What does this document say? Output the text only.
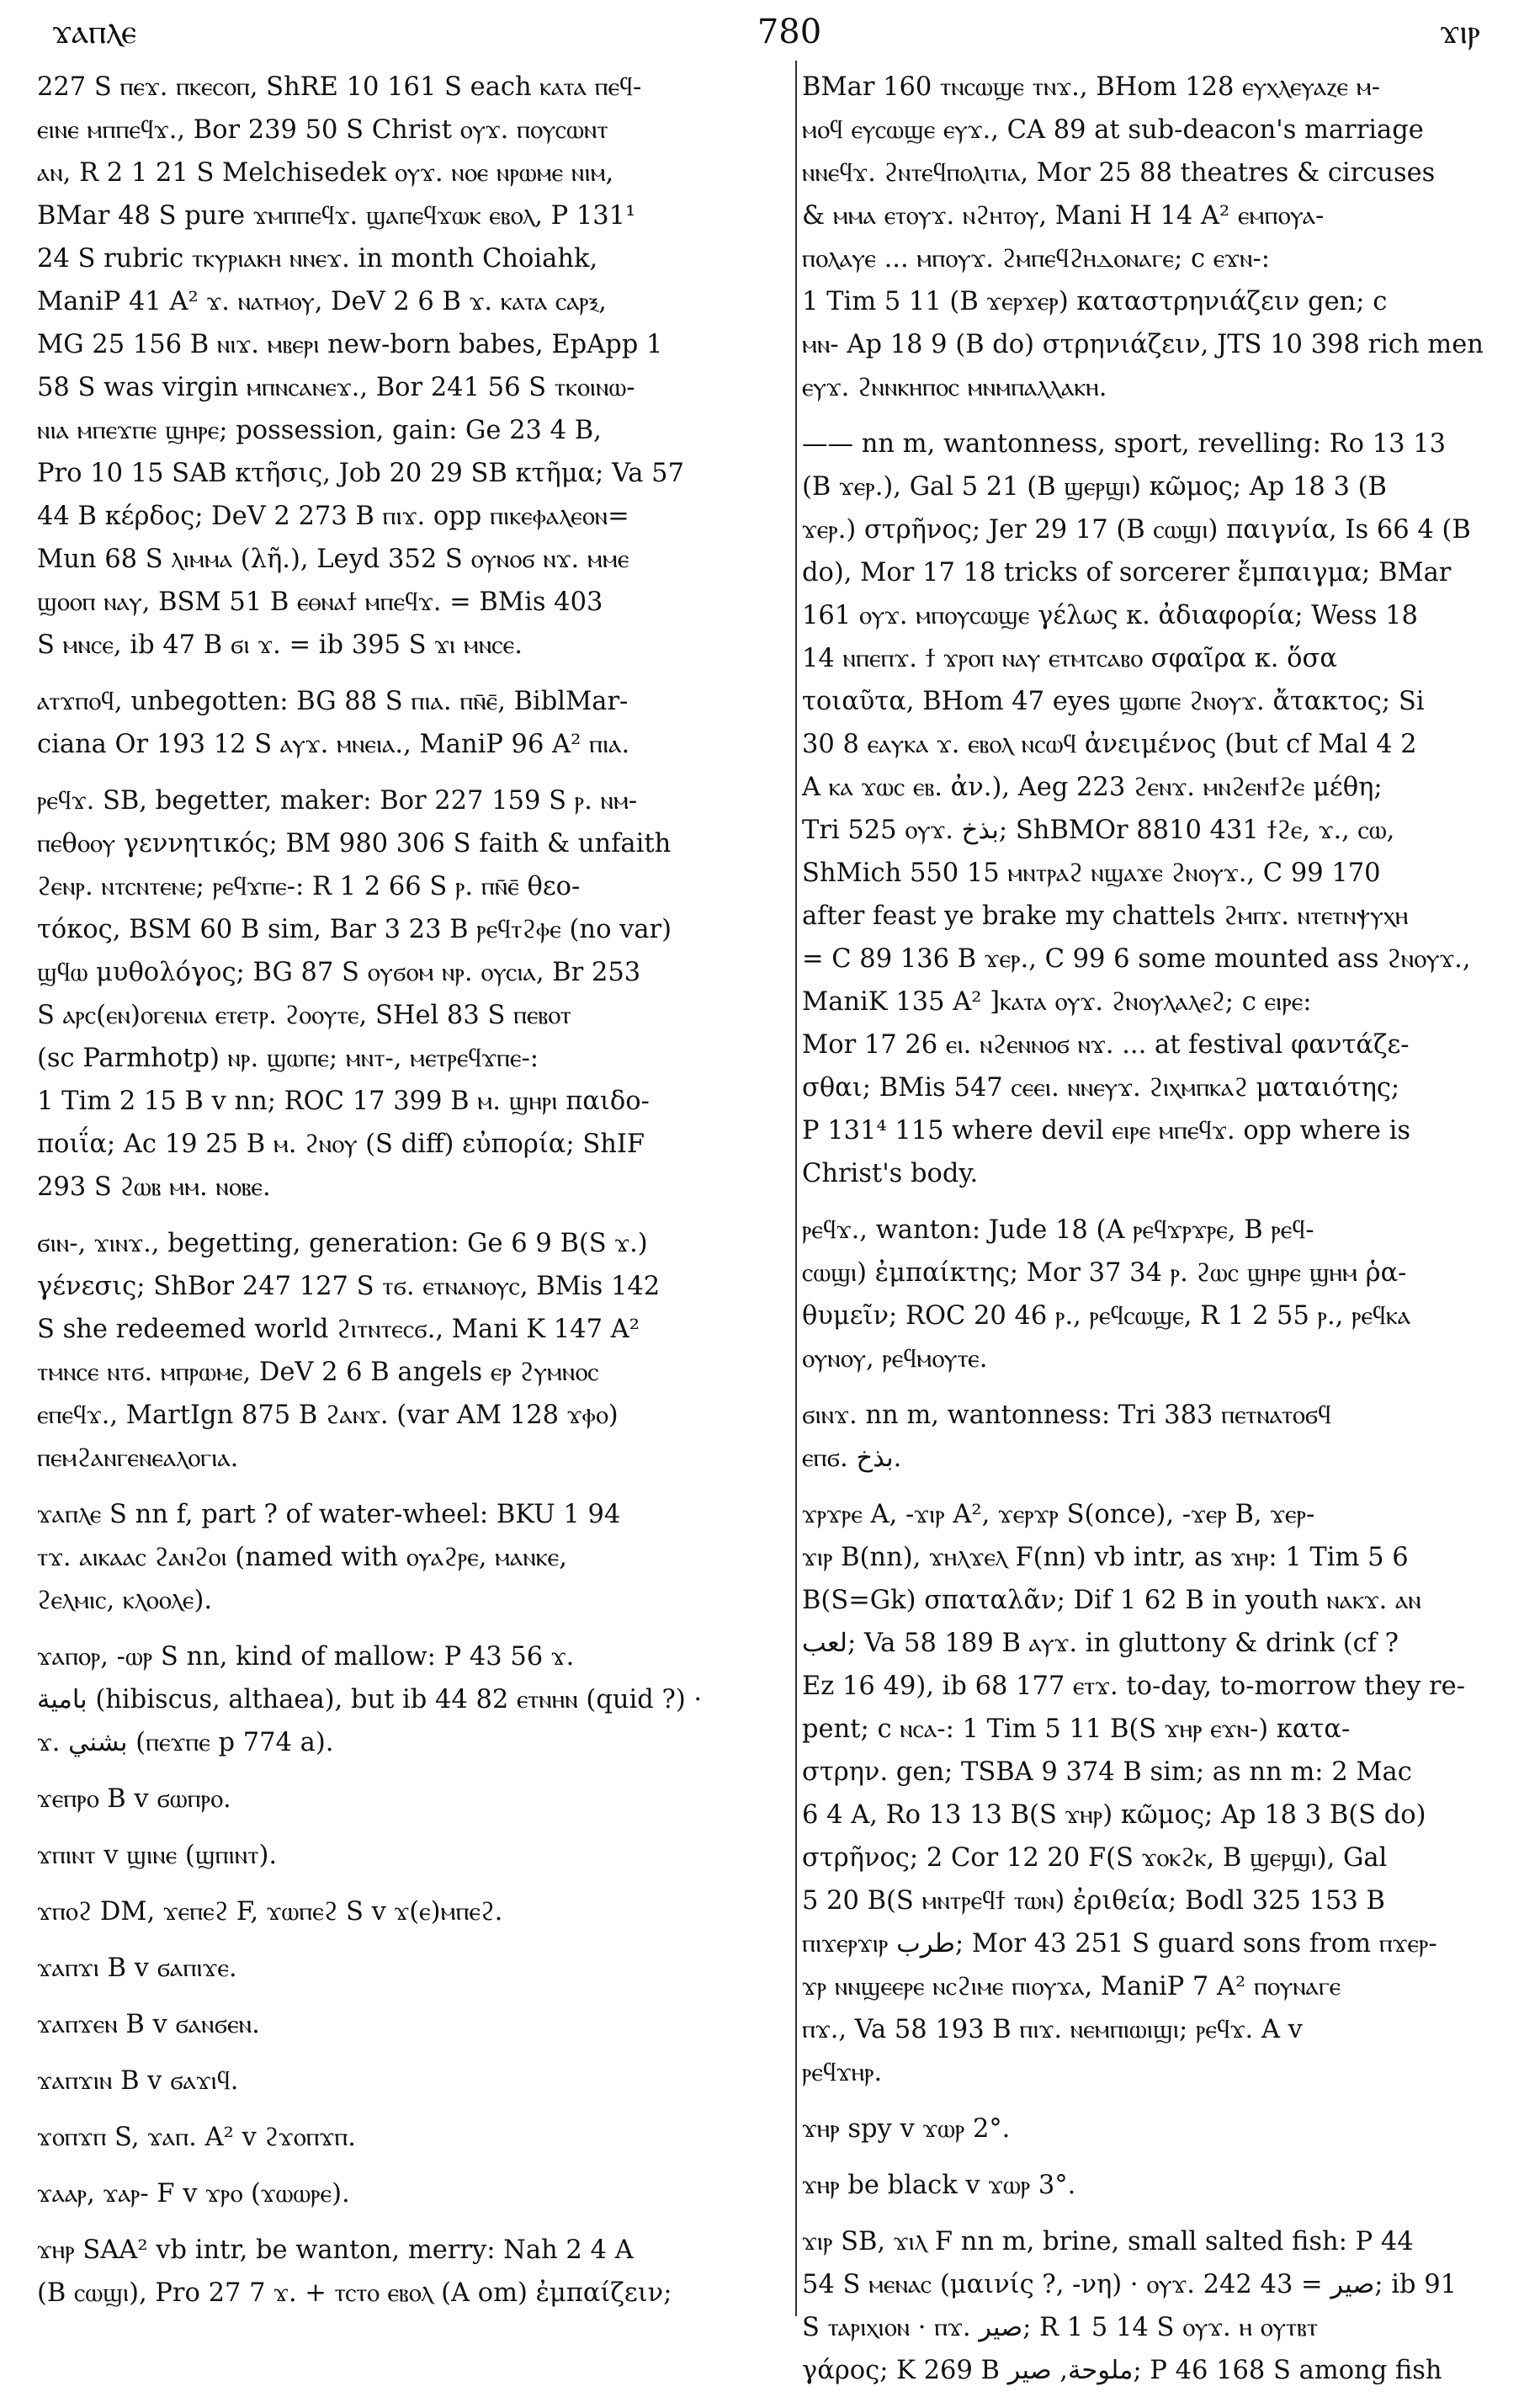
ϫⲁⲡⲗⲉ	780	ϫⲓⲣ
227 S ⲡⲉϫ. ⲡⲕⲉⲥⲟⲡ, ShRE 10 161 S each ⲕⲁⲧⲁ ⲡⲉϥ-
ⲉⲓⲛⲉ ⲙⲡⲡⲉϥϫ., Bor 239 50 S Christ ⲟⲩϫ. ⲡⲟⲩⲥⲱⲛⲧ
ⲁⲛ, R 2 1 21 S Melchisedek ⲟⲩϫ. ⲛⲟⲉ ⲛⲣⲱⲙⲉ ⲛⲓⲙ,
BMar 48 S pure ϫⲙⲡⲡⲉϥϫ. ϣⲁⲡⲉϥϫⲱⲕ ⲉⲃⲟⲗ, P 131¹
24 S rubric ⲧⲕⲩⲣⲓⲁⲕⲏ ⲛⲛⲉϫ. in month Choiahk,
ManiP 41 A² ϫ. ⲛⲁⲧⲙⲟⲩ, DeV 2 6 B ϫ. ⲕⲁⲧⲁ ⲥⲁⲣⲝ,
MG 25 156 B ⲛⲓϫ. ⲙⲃⲉⲣⲓ new-born babes, EpApp 1
58 S was virgin ⲙⲡⲛⲥⲁⲛⲉϫ., Bor 241 56 S ⲧⲕⲟⲓⲛⲱ-
ⲛⲓⲁ ⲙⲡⲉϫⲡⲉ ϣⲏⲣⲉ; possession, gain: Ge 23 4 B,
Pro 10 15 SAB κτῆσις, Job 20 29 SB κτῆμα; Va 57
44 B κέρδος; DeV 2 273 B ⲡⲓϫ. opp ⲡⲓⲕⲉⲫⲁⲗⲉⲟⲛ=
Mun 68 S ⲗⲓⲙⲙⲁ (λῆ.), Leyd 352 S ⲟⲩⲛⲟϭ ⲛϫ. ⲙⲙⲉ
ϣⲟⲟⲡ ⲛⲁⲩ, BSM 51 B ⲉⲑⲛⲁϯ ⲙⲡⲉϥϫ. = BMis 403
S ⲙⲛⲥⲉ, ib 47 B ϭⲓ ϫ. = ib 395 S ϫⲓ ⲙⲛⲥⲉ.
ⲁⲧϫⲡⲟϥ, unbegotten: BG 88 S ⲡⲓⲁ. ⲡⲛ̄ⲉ̄, BiblMar-
ciana Or 193 12 S ⲁⲩϫ. ⲙⲛⲉⲓⲁ., ManiP 96 A² ⲡⲓⲁ.
ⲣⲉϥϫ. SB, begetter, maker: Bor 227 159 S ⲣ. ⲛⲙ-
ⲡⲉθⲟⲟⲩ γεννητικός; BM 980 306 S faith & unfaith
ϩⲉⲛⲣ. ⲛⲧⲥⲛⲧⲉⲛⲉ; ⲣⲉϥϫⲡⲉ-: R 1 2 66 S ⲣ. ⲡⲛ̄ⲉ̄ θεο-
τόκος, BSM 60 B sim, Bar 3 23 B ⲣⲉϥⲧϩⲫⲉ (no var)
ϣϥⲱ μυθολόγος; BG 87 S ⲟⲩϭⲟⲙ ⲛⲣ. ⲟⲩⲥⲓⲁ, Br 253
S ⲁⲣⲥ(ⲉⲛ)ⲟⲅⲉⲛⲓⲁ ⲉⲧⲉⲧⲣ. ϩⲟⲟⲩⲧⲉ, SHel 83 S ⲡⲉⲃⲟⲧ
(sc Parmhotp) ⲛⲣ. ϣⲱⲡⲉ; ⲙⲛⲧ-, ⲙⲉⲧⲣⲉϥϫⲡⲉ-:
1 Tim 2 15 B v nn; ROC 17 399 B ⲙ. ϣⲏⲣⲓ παιδο-
ποιΐα; Ac 19 25 B ⲙ. ϩⲛⲟⲩ (S diff) εὐπορία; ShIF
293 S ϩⲱⲃ ⲙⲙ. ⲛⲟⲃⲉ.
ϭⲓⲛ-, ϫⲓⲛϫ., begetting, generation: Ge 6 9 B(S ϫ.)
γένεσις; ShBor 247 127 S ⲧϭ. ⲉⲧⲛⲁⲛⲟⲩⲥ, BMis 142
S she redeemed world ϩⲓⲧⲛⲧⲉⲥϭ., Mani K 147 A²
ⲧⲙⲛⲥⲉ ⲛⲧϭ. ⲙⲡⲣⲱⲙⲉ, DeV 2 6 B angels ⲉⲣ ϩⲩⲙⲛⲟⲥ
ⲉⲡⲉϥϫ., MartIgn 875 B ϩⲁⲛϫ. (var AM 128 ϫⲫⲟ)
ⲡⲉⲙϩⲁⲛⲅⲉⲛⲉⲁⲗⲟⲅⲓⲁ.
ϫⲁⲡⲗⲉ S nn f, part ? of water-wheel: BKU 1 94
ⲧϫ. ⲁⲓⲕⲁⲁⲥ ϩⲁⲛϩⲟⲓ (named with ⲟⲩⲁϩⲣⲉ, ⲙⲁⲛⲕⲉ,
ϩⲉⲗⲙⲓⲥ, ⲕⲗⲟⲟⲗⲉ).
ϫⲁⲡⲟⲣ, -ⲱⲣ S nn, kind of mallow: P 43 56 ϫ.
بامية (hibiscus, althaea), but ib 44 82 ⲉⲧⲛⲏⲛ (quid ?) ·
ϫ. بشني (ⲡⲉϫⲡⲉ p 774 a).
ϫⲉⲡⲣⲟ B v ϭⲱⲡⲣⲟ.
ϫⲡⲓⲛⲧ v ϣⲓⲛⲉ (ϣⲡⲓⲛⲧ).
ϫⲡⲟϩ DM, ϫⲉⲡⲉϩ F, ϫⲱⲡⲉϩ S v ϫ(ⲉ)ⲙⲡⲉϩ.
ϫⲁⲡϫⲓ B v ϭⲁⲡⲓϫⲉ.
ϫⲁⲡϫⲉⲛ B v ϭⲁⲛϭⲉⲛ.
ϫⲁⲡϫⲓⲛ B v ϭⲁϫⲓϥ.
ϫⲟⲡϫⲡ S, ϫⲁⲡ. A² v ϩϫⲟⲡϫⲡ.
ϫⲁⲁⲣ, ϫⲁⲣ- F v ϫⲣⲟ (ϫⲱⲱⲣⲉ).
ϫⲏⲣ SAA² vb intr, be wanton, merry: Nah 2 4 A
(B ⲥⲱϣⲓ), Pro 27 7 ϫ. + ⲧⲥⲧⲟ ⲉⲃⲟⲗ (A om) ἐμπαίζειν;
BMar 160 ⲧⲛⲥⲱϣⲉ ⲧⲛϫ., BHom 128 ⲉⲩⲭⲗⲉⲩⲁⲍⲉ ⲙ-
ⲙⲟϥ ⲉⲩⲥⲱϣⲉ ⲉⲩϫ., CA 89 at sub-deacon's marriage
ⲛⲛⲉϥϫ. ϩⲛⲧⲉϥⲡⲟⲗⲓⲧⲓⲁ, Mor 25 88 theatres & circuses
& ⲙⲙⲁ ⲉⲧⲟⲩϫ. ⲛϩⲏⲧⲟⲩ, Mani H 14 A² ⲉⲙⲡⲟⲩⲁ-
ⲡⲟⲗⲁⲩⲉ ... ⲙⲡⲟⲩϫ. ϩⲙⲡⲉϥϩⲏⲇⲟⲛⲁⲅⲉ; c ⲉϫⲛ-:
1 Tim 5 11 (B ϫⲉⲣϫⲉⲣ) καταστρηνιάζειν gen; c
ⲙⲛ- Ap 18 9 (B do) στρηνιάζειν, JTS 10 398 rich men
ⲉⲩϫ. ϩⲛⲛⲕⲏⲡⲟⲥ ⲙⲛⲙⲡⲁⲗⲗⲁⲕⲏ.
—— nn m, wantonness, sport, revelling: Ro 13 13
(B ϫⲉⲣ.), Gal 5 21 (B ϣⲉⲣϣⲓ) κῶμος; Ap 18 3 (B
ϫⲉⲣ.) στρῆνος; Jer 29 17 (B ⲥⲱϣⲓ) παιγνία, Is 66 4 (B
do), Mor 17 18 tricks of sorcerer ἔμπαιγμα; BMar
161 ⲟⲩϫ. ⲙⲡⲟⲩⲥⲱϣⲉ γέλως κ. ἀδιαφορία; Wess 18
14 ⲛⲡⲉⲡϫ. ϯ ϫⲣⲟⲡ ⲛⲁⲩ ⲉⲧⲙⲧⲥⲁⲃⲟ σφαῖρα κ. ὅσα
τοιαῦτα, BHom 47 eyes ϣⲱⲡⲉ ϩⲛⲟⲩϫ. ἄτακτος; Si
30 8 ⲉⲁⲩⲕⲁ ϫ. ⲉⲃⲟⲗ ⲛⲥⲱϥ ἀνειμένος (but cf Mal 4 2
A ⲕⲁ ϫⲱⲥ ⲉⲃ. ἀν.), Aeg 223 ϩⲉⲛϫ. ⲙⲛϩⲉⲛϯϩⲉ μέθη;
Tri 525 ⲟⲩϫ. بذخ; ShBMOr 8810 431 ϯϩⲉ, ϫ., ⲥⲱ,
ShMich 550 15 ⲙⲛⲧⲣⲁϩ ⲛϣⲁϫⲉ ϩⲛⲟⲩϫ., C 99 170
after feast ye brake my chattels ϩⲙⲡϫ. ⲛⲧⲉⲧⲛⲯⲩⲭⲏ
= C 89 136 B ϫⲉⲣ., C 99 6 some mounted ass ϩⲛⲟⲩϫ.,
ManiK 135 A² ]ⲕⲁⲧⲁ ⲟⲩϫ. ϩⲛⲟⲩⲗⲁⲗⲉϩ; c ⲉⲓⲣⲉ:
Mor 17 26 ⲉⲓ. ⲛϩⲉⲛⲛⲟϭ ⲛϫ. ... at festival φαντάζε-
σθαι; BMis 547 ⲥⲉⲉⲓ. ⲛⲛⲉⲩϫ. ϩⲓⲭⲙⲡⲕⲁϩ ματαιότης;
P 131⁴ 115 where devil ⲉⲓⲣⲉ ⲙⲡⲉϥϫ. opp where is
Christ's body.
ⲣⲉϥϫ., wanton: Jude 18 (A ⲣⲉϥϫⲣϫⲣⲉ, B ⲣⲉϥ-
ⲥⲱϣⲓ) ἐμπαίκτης; Mor 37 34 ⲣ. ϩⲱⲥ ϣⲏⲣⲉ ϣⲏⲙ ῥα-
θυμεῖν; ROC 20 46 ⲣ., ⲣⲉϥⲥⲱϣⲉ, R 1 2 55 ⲣ., ⲣⲉϥⲕⲁ
ⲟⲩⲛⲟⲩ, ⲣⲉϥⲙⲟⲩⲧⲉ.
ϭⲓⲛϫ. nn m, wantonness: Tri 383 ⲡⲉⲧⲛⲁⲧⲟϭϥ
ⲉⲡϭ. بذخ.
ϫⲣϫⲣⲉ A, -ϫⲓⲣ A², ϫⲉⲣϫⲣ S(once), -ϫⲉⲣ B, ϫⲉⲣ-
ϫⲓⲣ B(nn), ϫⲏⲗϫⲉⲗ F(nn) vb intr, as ϫⲏⲣ: 1 Tim 5 6
B(S=Gk) σπαταλᾶν; Dif 1 62 B in youth ⲛⲁⲕϫ. ⲁⲛ
لعب; Va 58 189 B ⲁⲩϫ. in gluttony & drink (cf ?
Ez 16 49), ib 68 177 ⲉⲧϫ. to-day, to-morrow they re-
pent; c ⲛⲥⲁ-: 1 Tim 5 11 B(S ϫⲏⲣ ⲉϫⲛ-) κατα-
στρην. gen; TSBA 9 374 B sim; as nn m: 2 Mac
6 4 A, Ro 13 13 B(S ϫⲏⲣ) κῶμος; Ap 18 3 B(S do)
στρῆνος; 2 Cor 12 20 F(S ϫⲟⲕϩⲕ, B ϣⲉⲣϣⲓ), Gal
5 20 B(S ⲙⲛⲧⲣⲉϥϯ ⲧⲱⲛ) ἐριθεία; Bodl 325 153 B
ⲡⲓϫⲉⲣϫⲓⲣ طرب; Mor 43 251 S guard sons from ⲡϫⲉⲣ-
ϫⲣ ⲛⲛϣⲉⲉⲣⲉ ⲛⲥϩⲓⲙⲉ ⲡⲓⲟⲩϫⲁ, ManiP 7 A² ⲡⲟⲩⲛⲁⲅⲉ
ⲡϫ., Va 58 193 B ⲡⲓϫ. ⲛⲉⲙⲡⲓⲱⲓϣⲓ; ⲣⲉϥϫ. A v
ⲣⲉϥϫⲏⲣ.
ϫⲏⲣ spy v ϫⲱⲣ 2°.
ϫⲏⲣ be black v ϫⲱⲣ 3°.
ϫⲓⲣ SB, ϫⲓⲗ F nn m, brine, small salted fish: P 44
54 S ⲙⲉⲛⲁⲥ (μαινίς ?, -νη) · ⲟⲩϫ. صير = 43 242; ib 91
S ⲧⲁⲣⲓⲭⲓⲟⲛ · ⲡϫ. صير; R 1 5 14 S ⲟⲩϫ. ⲏ ⲟⲩⲧⲃⲧ
γάρος; K 269 B ملوحة, صير; P 46 168 S among fish
